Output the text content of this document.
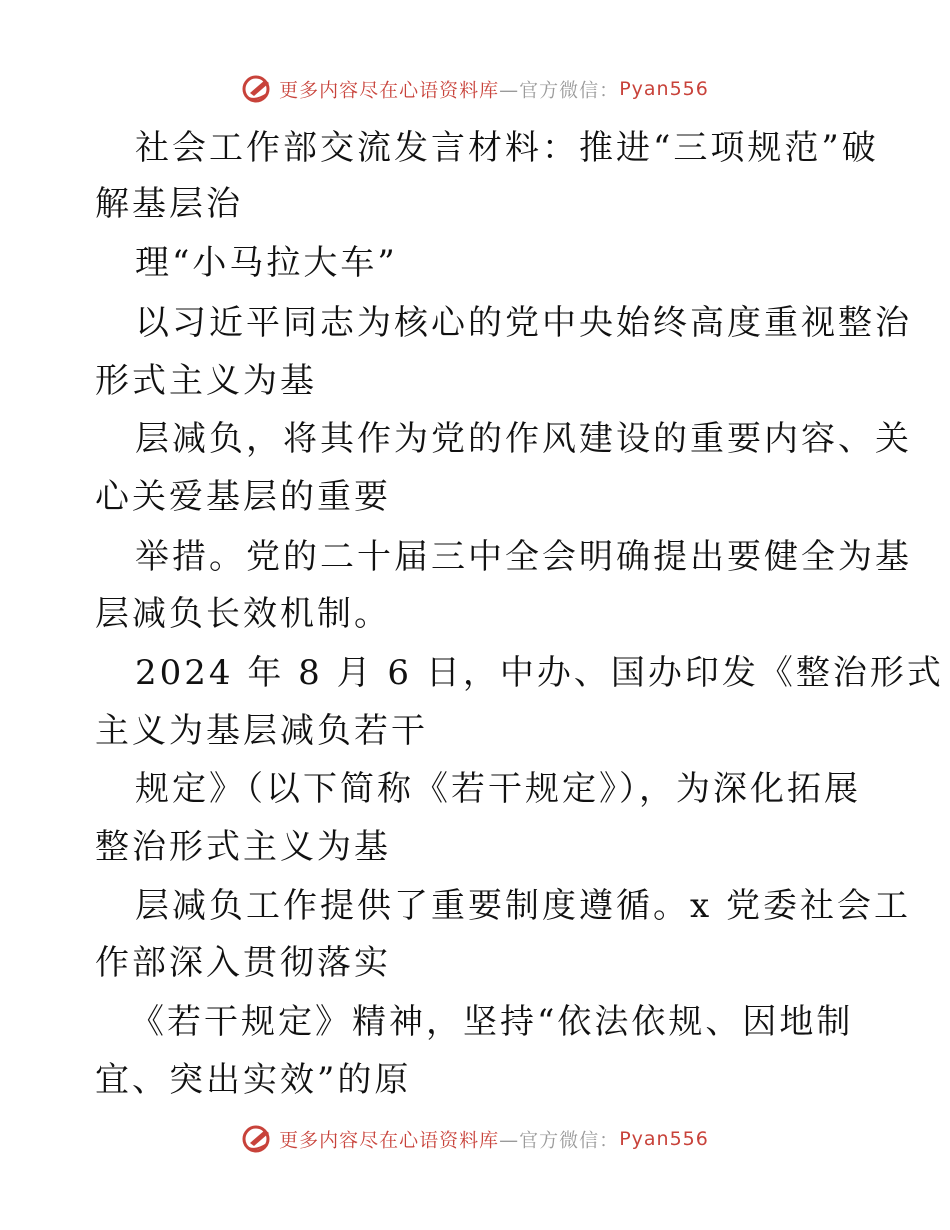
更多内容尽在心语资料库—官方微信：Pyan556
社会工作部交流发言材料：推进“三项规范”破
解基层治
理“小马拉大车”
以习近平同志为核心的党中央始终高度重视整治
形式主义为基
层减负，将其作为党的作风建设的重要内容、关
心关爱基层的重要
举措。党的二十届三中全会明确提出要健全为基
层减负长效机制。
2024 年 8 月 6 日，中办、国办印发《整治形式
主义为基层减负若干
规定》（以下简称《若干规定》），为深化拓展
整治形式主义为基
层减负工作提供了重要制度遵循。x 党委社会工
作部深入贯彻落实
《若干规定》精神，坚持“依法依规、因地制
宜、突出实效”的原
更多内容尽在心语资料库—官方微信：Pyan556
